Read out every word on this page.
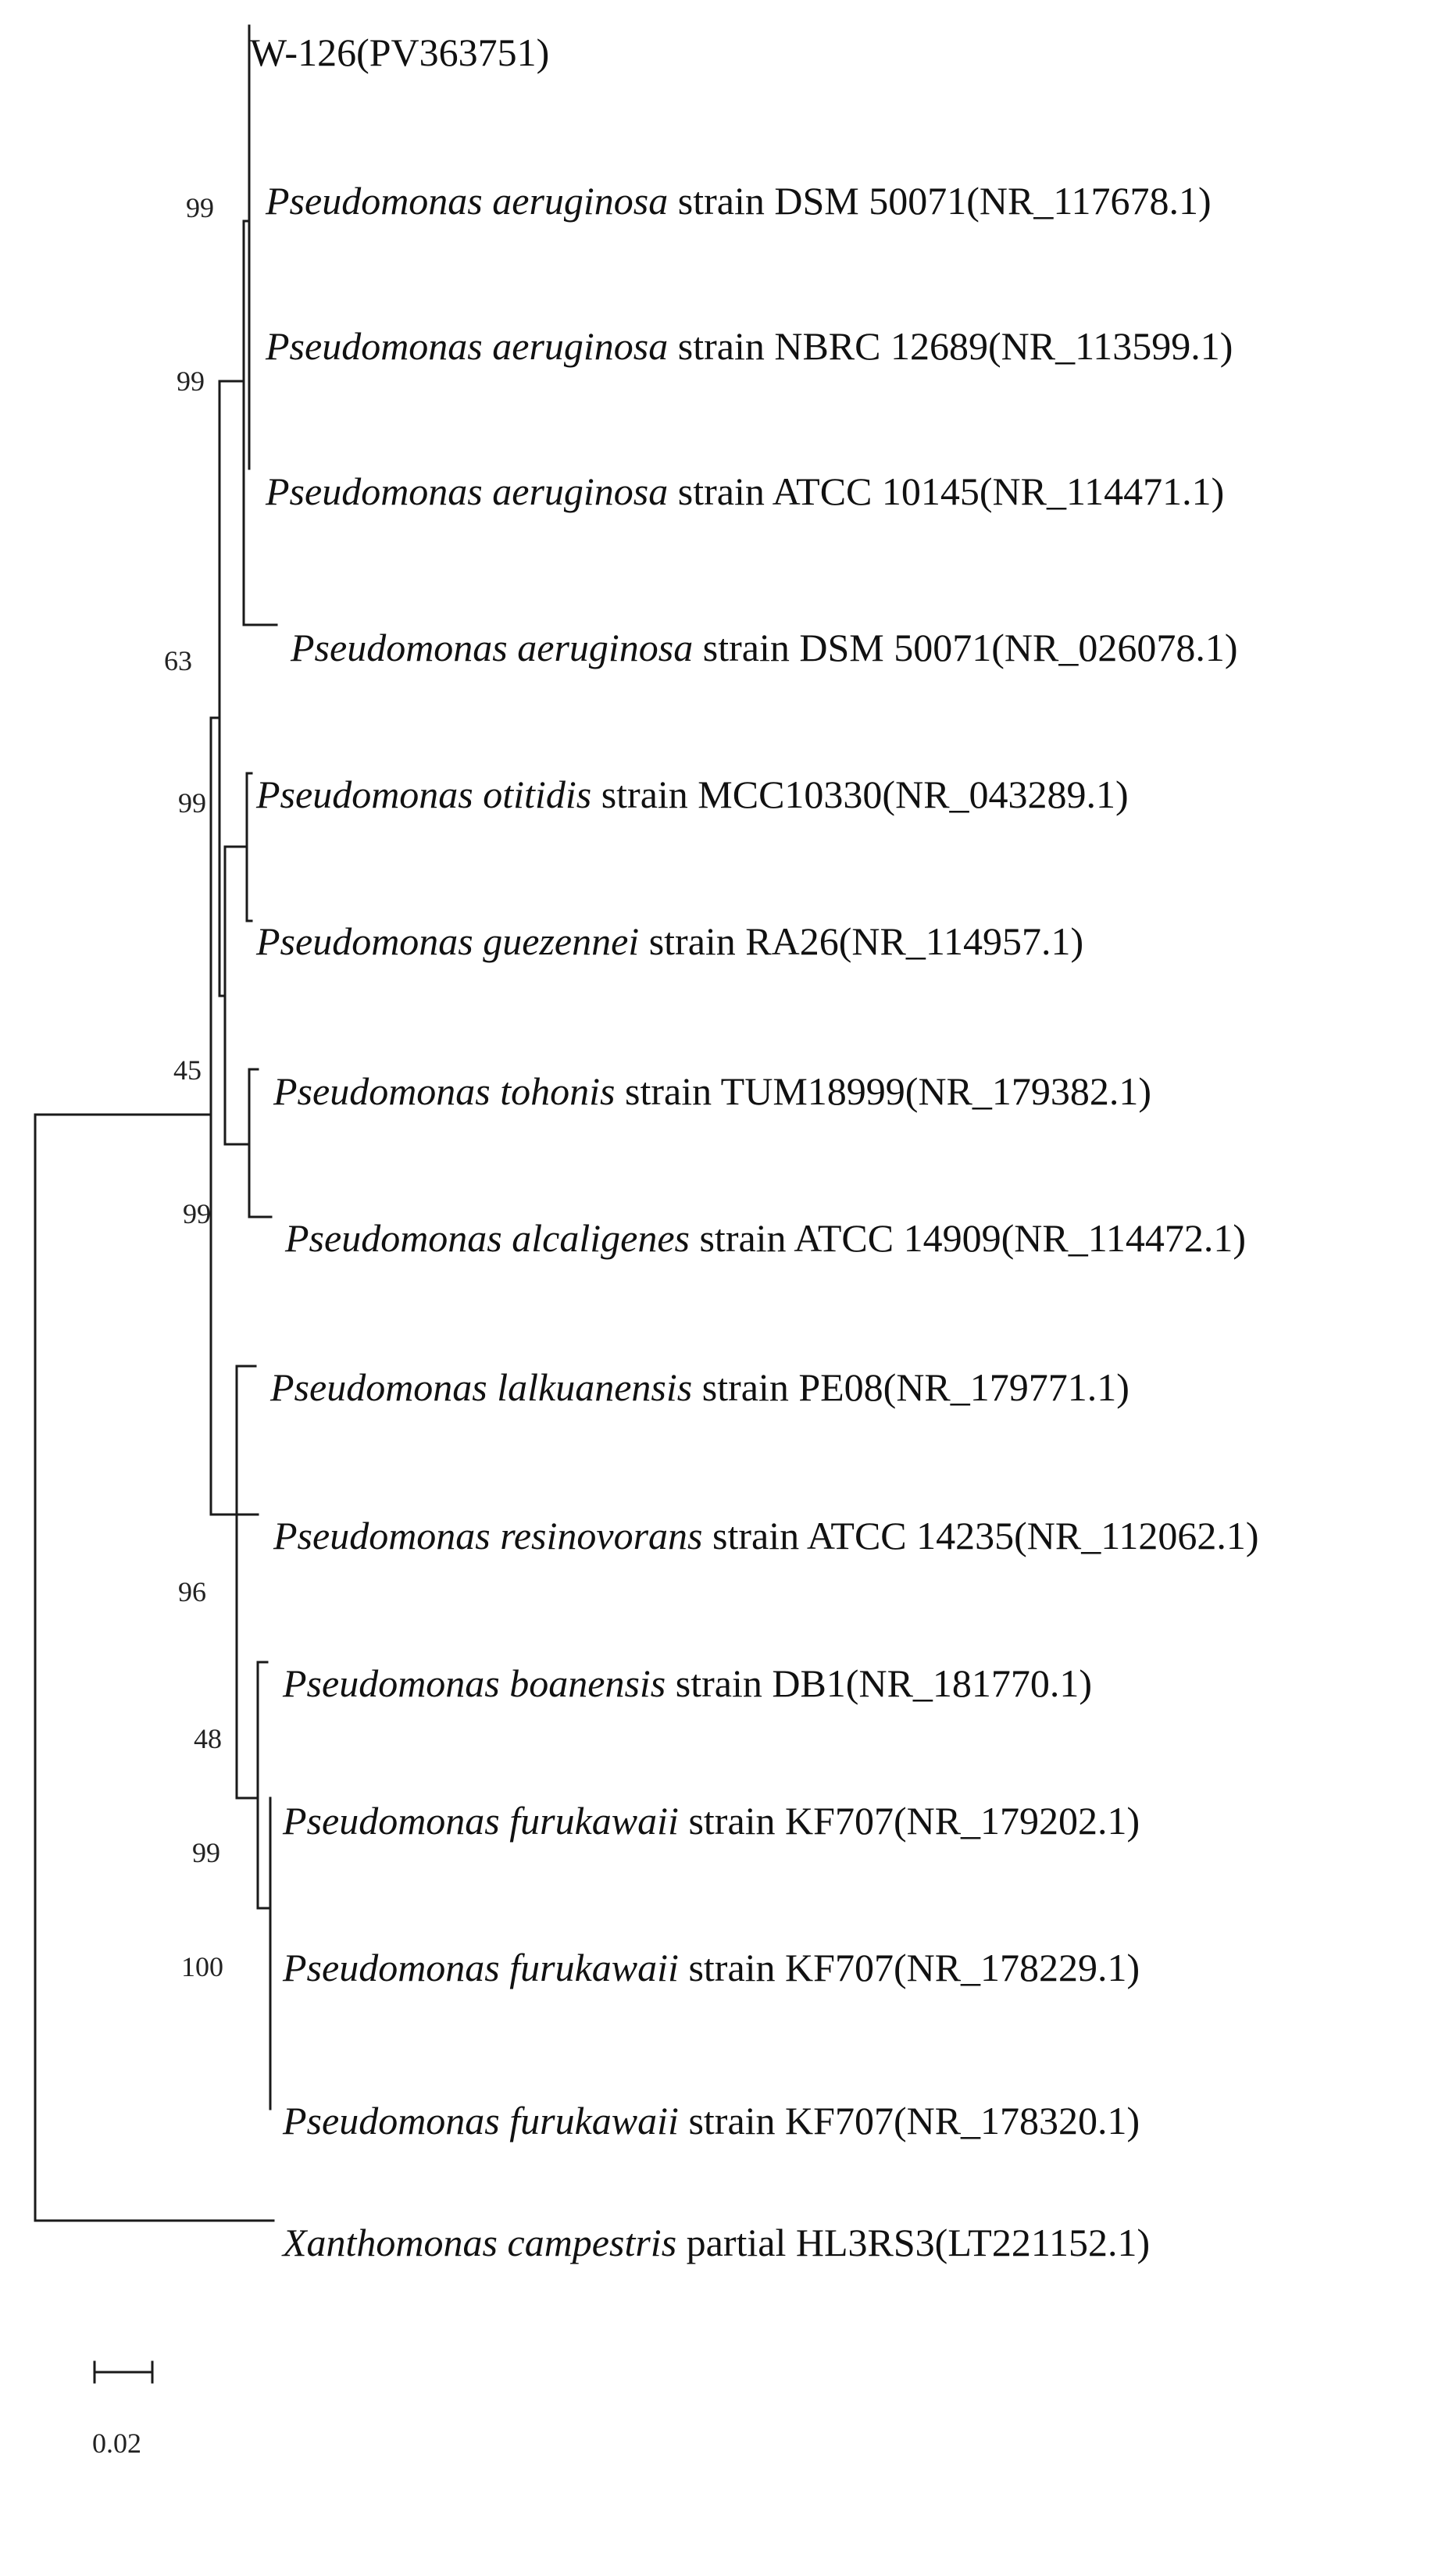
W-126(PV363751)
Pseudomonas aeruginosa strain DSM 50071(NR_117678.1)
Pseudomonas aeruginosa strain NBRC 12689(NR_113599.1)
Pseudomonas aeruginosa strain ATCC 10145(NR_114471.1)
Pseudomonas aeruginosa strain DSM 50071(NR_026078.1)
Pseudomonas otitidis strain MCC10330(NR_043289.1)
Pseudomonas guezennei strain RA26(NR_114957.1)
Pseudomonas tohonis strain TUM18999(NR_179382.1)
Pseudomonas alcaligenes strain ATCC 14909(NR_114472.1)
Pseudomonas lalkuanensis strain PE08(NR_179771.1)
Pseudomonas resinovorans strain ATCC 14235(NR_112062.1)
Pseudomonas boanensis strain DB1(NR_181770.1)
Pseudomonas furukawaii strain KF707(NR_179202.1)
Pseudomonas furukawaii strain KF707(NR_178229.1)
Pseudomonas furukawaii strain KF707(NR_178320.1)
Xanthomonas campestris partial HL3RS3(LT221152.1)
99
99
63
99
45
99
96
48
99
100
0.02
